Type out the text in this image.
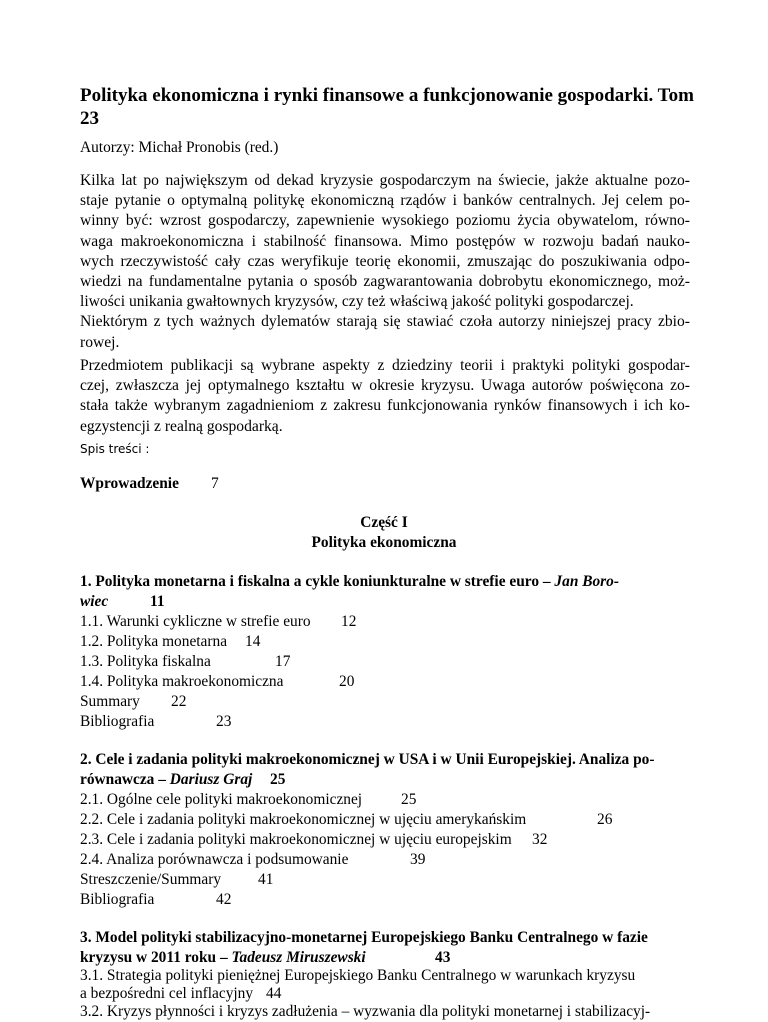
Polityka ekonomiczna i rynki finansowe a funkcjonowanie gospodarki. Tom
23
Autorzy: Michał Pronobis (red.)
Kilka lat po największym od dekad kryzysie gospodarczym na świecie, jakże aktualne pozo-
staje pytanie o optymalną politykę ekonomiczną rządów i banków centralnych. Jej celem po-
winny być: wzrost gospodarczy, zapewnienie wysokiego poziomu życia obywatelom, równo-
waga makroekonomiczna i stabilność finansowa. Mimo postępów w rozwoju badań nauko-
wych rzeczywistość cały czas weryfikuje teorię ekonomii, zmuszając do poszukiwania odpo-
wiedzi na fundamentalne pytania o sposób zagwarantowania dobrobytu ekonomicznego, moż-
liwości unikania gwałtownych kryzysów, czy też właściwą jakość polityki gospodarczej.
Niektórym z tych ważnych dylematów starają się stawiać czoła autorzy niniejszej pracy zbio-
rowej.
Przedmiotem publikacji są wybrane aspekty z dziedziny teorii i praktyki polityki gospodar-
czej, zwłaszcza jej optymalnego kształtu w okresie kryzysu. Uwaga autorów poświęcona zo-
stała także wybranym zagadnieniom z zakresu funkcjonowania rynków finansowych i ich ko-
egzystencji z realną gospodarką.
Spis treści :
Wprowadzenie 7
Część I
Polityka ekonomiczna
1. Polityka monetarna i fiskalna a cykle koniunkturalne w strefie euro – Jan Boro-
wiec	11
1.1. Warunki cykliczne w strefie euro 12
1.2. Polityka monetarna 14
1.3. Polityka fiskalna	17
1.4. Polityka makroekonomiczna	20
Summary 22
Bibliografia	23
2. Cele i zadania polityki makroekonomicznej w USA i w Unii Europejskiej. Analiza po-
równawcza – Dariusz Graj 25
2.1. Ogólne cele polityki makroekonomicznej	25
2.2. Cele i zadania polityki makroekonomicznej w ujęciu amerykańskim	26
2.3. Cele i zadania polityki makroekonomicznej w ujęciu europejskim 32
2.4. Analiza porównawcza i podsumowanie	39
Streszczenie/Summary 41
Bibliografia	42
3. Model polityki stabilizacyjno-monetarnej Europejskiego Banku Centralnego w fazie
kryzysu w 2011 roku – Tadeusz Miruszewski	43
3.1. Strategia polityki pieniężnej Europejskiego Banku Centralnego w warunkach kryzysu
a bezpośredni cel inflacyjny 44
3.2. Kryzys płynności i kryzys zadłużenia – wyzwania dla polityki monetarnej i stabilizacyj-
